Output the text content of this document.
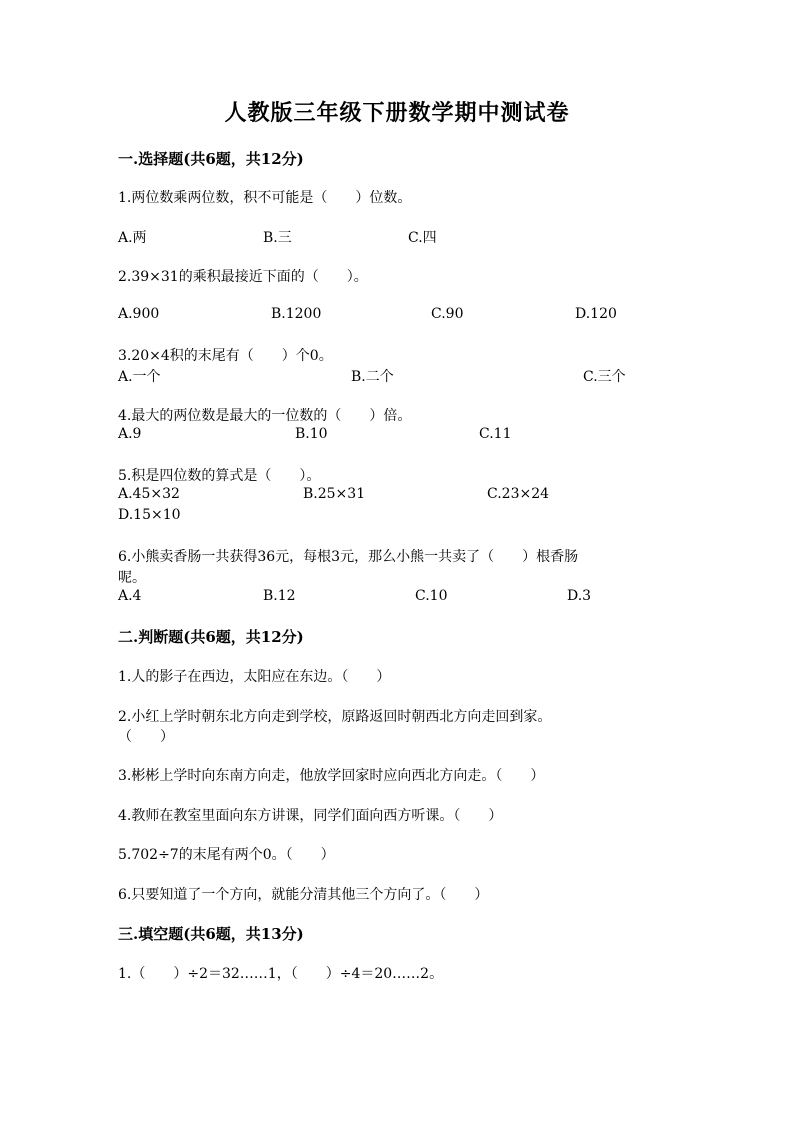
人教版三年级下册数学期中测试卷
一.选择题(共6题，共12分)
1.两位数乘两位数，积不可能是（　　）位数。
A.两	B.三	C.四
2.39×31的乘积最接近下面的（　　）。
A.900	B.1200	C.90	D.120
3.20×4积的末尾有（　　）个0。
A.一个	B.二个	C.三个
4.最大的两位数是最大的一位数的（　　）倍。
A.9	B.10	C.11
5.积是四位数的算式是（　　）。
A.45×32	B.25×31	C.23×24
D.15×10
6.小熊卖香肠一共获得36元，每根3元，那么小熊一共卖了（　　）根香肠
呢。
A.4	B.12	C.10	D.3
二.判断题(共6题，共12分)
1.人的影子在西边，太阳应在东边。（　　）
2.小红上学时朝东北方向走到学校，原路返回时朝西北方向走回到家。
（　　）
3.彬彬上学时向东南方向走，他放学回家时应向西北方向走。（　　）
4.教师在教室里面向东方讲课，同学们面向西方听课。（　　）
5.702÷7的末尾有两个0。（　　）
6.只要知道了一个方向，就能分清其他三个方向了。（　　）
三.填空题(共6题，共13分)
1.（　　）÷2＝32……1，（　　）÷4＝20……2。
